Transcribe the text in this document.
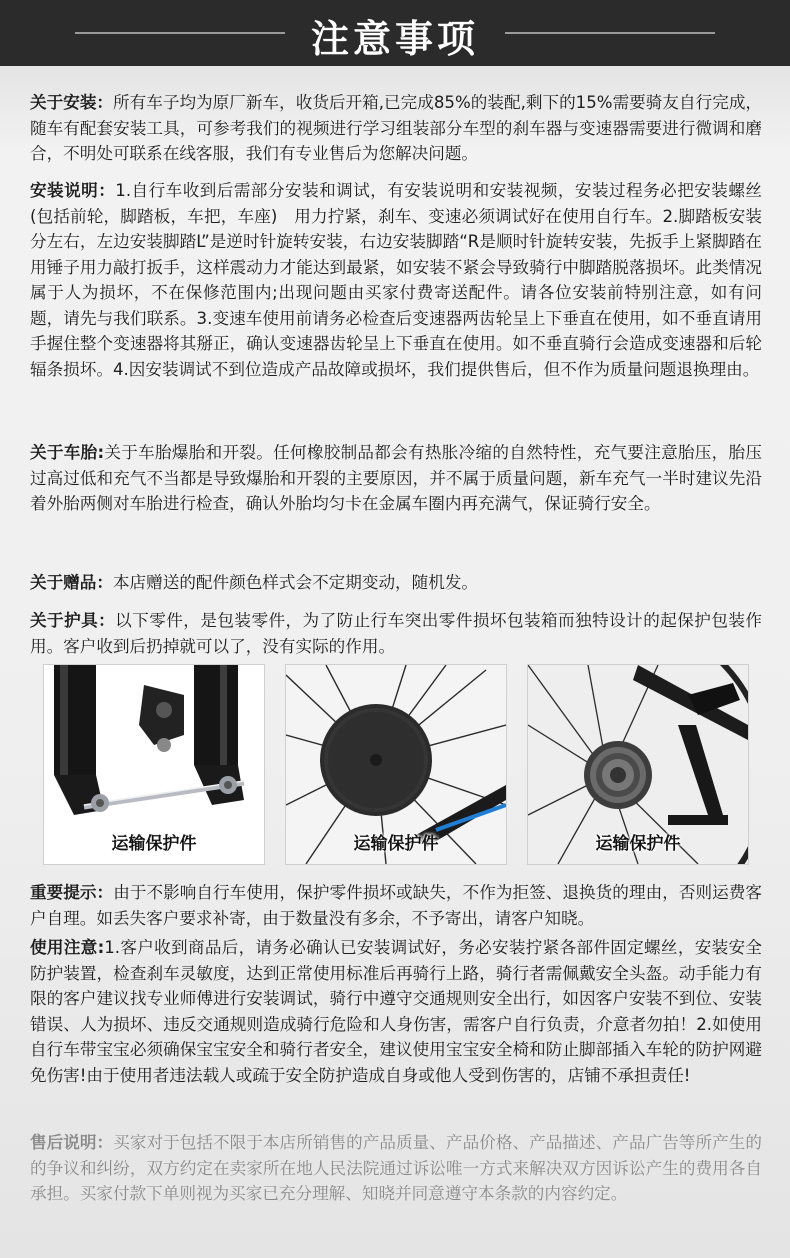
注意事项
关于安装：所有车子均为原厂新车，收货后开箱,已完成85%的装配,剩下的15%需要骑友自行完成，随车有配套安装工具，可参考我们的视频进行学习组装部分车型的刹车器与变速器需要进行微调和磨合，不明处可联系在线客服，我们有专业售后为您解决问题。
安装说明：1.自行车收到后需部分安装和调试，有安装说明和安装视频，安装过程务必把安装螺丝(包括前轮，脚踏板，车把，车座)　用力拧紧，刹车、变速必须调试好在使用自行车。2.脚踏板安装分左右，左边安装脚踏L”是逆时针旋转安装，右边安装脚踏“R是顺时针旋转安装，先扳手上紧脚踏在用锤子用力敲打扳手，这样震动力才能达到最紧，如安装不紧会导致骑行中脚踏脱落损坏。此类情况属于人为损坏，不在保修范围内;出现问题由买家付费寄送配件。请各位安装前特别注意，如有问题，请先与我们联系。3.变速车使用前请务必检查后变速器两齿轮呈上下垂直在使用，如不垂直请用手握住整个变速器将其掰正，确认变速器齿轮呈上下垂直在使用。如不垂直骑行会造成变速器和后轮辐条损坏。4.因安装调试不到位造成产品故障或损坏，我们提供售后，但不作为质量问题退换理由。
关于车胎:关于车胎爆胎和开裂。任何橡胶制品都会有热胀冷缩的自然特性，充气要注意胎压，胎压过高过低和充气不当都是导致爆胎和开裂的主要原因，并不属于质量问题，新车充气一半时建议先沿着外胎两侧对车胎进行检查，确认外胎均匀卡在金属车圈内再充满气，保证骑行安全。
关于赠品：本店赠送的配件颜色样式会不定期变动，随机发。
关于护具：以下零件，是包装零件，为了防止行车突出零件损坏包装箱而独特设计的起保护包装作用。客户收到后扔掉就可以了，没有实际的作用。
运输保护件	运输保护件	运输保护件
重要提示：由于不影响自行车使用，保护零件损坏或缺失，不作为拒签、退换货的理由，否则运费客户自理。如丢失客户要求补寄，由于数量没有多余，不予寄出，请客户知晓。
使用注意:1.客户收到商品后，请务必确认已安装调试好，务必安装拧紧各部件固定螺丝，安装安全防护装置，检查刹车灵敏度，达到正常使用标准后再骑行上路，骑行者需佩戴安全头盔。动手能力有限的客户建议找专业师傅进行安装调试，骑行中遵守交通规则安全出行，如因客户安装不到位、安装错误、人为损坏、违反交通规则造成骑行危险和人身伤害，需客户自行负责，介意者勿拍！2.如使用自行车带宝宝必须确保宝宝安全和骑行者安全，建议使用宝宝安全椅和防止脚部插入车轮的防护网避免伤害!由于使用者违法载人或疏于安全防护造成自身或他人受到伤害的，店铺不承担责任!
售后说明：买家对于包括不限于本店所销售的产品质量、产品价格、产品描述、产品广告等所产生的的争议和纠纷，双方约定在卖家所在地人民法院通过诉讼唯一方式来解决双方因诉讼产生的费用各自承担。买家付款下单则视为买家已充分理解、知晓并同意遵守本条款的内容约定。
